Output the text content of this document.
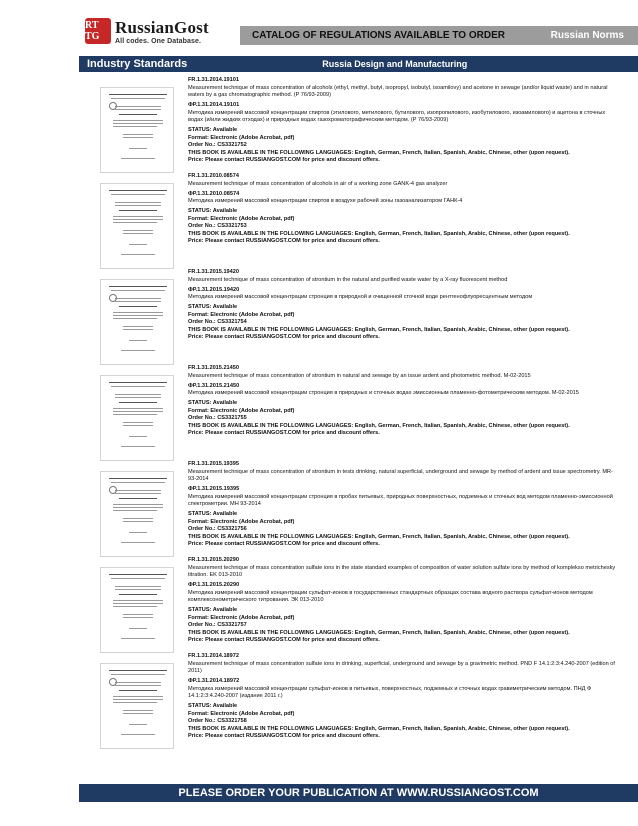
RT TG RussianGost
All codes. One Database.	CATALOG OF REGULATIONS AVAILABLE TO ORDER	Russian Norms
Industry Standards	Russia Design and Manufacturing
FR.1.31.2014.19101
Measurement technique of mass concentration of alcohols (ethyl, methyl, butyl, isopropyl, isobutyl, isoamilovy) and acetone in sewage (and/or liquid waste) and in natural waters by a gas chromatographic method. (P 76/93-2009)
ФР.1.31.2014.19101
Методика измерений массовой концентрации спиртов (этилового, метилового, бутилового, изопропилового, изобутилового, изоамилового) и ацетона в сточных водах (и/или жидких отходах) и природных водах газохроматографическим методом. (Р 76/93-2009)
STATUS: Available
Format: Electronic (Adobe Acrobat, pdf)
Order No.: CS3321752
THIS BOOK IS AVAILABLE IN THE FOLLOWING LANGUAGES: English, German, French, Italian, Spanish, Arabic, Chinese, other (upon request).
Price: Please contact RUSSIANGOST.COM for price and discount offers.
FR.1.31.2010.08574
Measurement technique of mass concentration of alcohols in air of a working zone GANK-4 gas analyzer
ФР.1.31.2010.08574
Методика измерений массовой концентрации спиртов в воздухе рабочей зоны газоанализатором ГАНК-4
STATUS: Available
Format: Electronic (Adobe Acrobat, pdf)
Order No.: CS3321753
THIS BOOK IS AVAILABLE IN THE FOLLOWING LANGUAGES: English, German, French, Italian, Spanish, Arabic, Chinese, other (upon request).
Price: Please contact RUSSIANGOST.COM for price and discount offers.
FR.1.31.2015.19420
Measurement technique of mass concentration of strontium in the natural and purified waste water by a X-ray fluorescent method
ФР.1.31.2015.19420
Методика измерений массовой концентрации стронция в природной и очищенной сточной воде рентгенофлуоресцентным методом
STATUS: Available
Format: Electronic (Adobe Acrobat, pdf)
Order No.: CS3321754
THIS BOOK IS AVAILABLE IN THE FOLLOWING LANGUAGES: English, German, French, Italian, Spanish, Arabic, Chinese, other (upon request).
Price: Please contact RUSSIANGOST.COM for price and discount offers.
FR.1.31.2015.21450
Measurement technique of mass concentration of strontium in natural and sewage by an issue ardent and photometric method. M-02-2015
ФР.1.31.2015.21450
Методика измерений массовой концентрации стронция в природных и сточных водах эмиссионным пламенно-фотометрическим методом. М-02-2015
STATUS: Available
Format: Electronic (Adobe Acrobat, pdf)
Order No.: CS3321755
THIS BOOK IS AVAILABLE IN THE FOLLOWING LANGUAGES: English, German, French, Italian, Spanish, Arabic, Chinese, other (upon request).
Price: Please contact RUSSIANGOST.COM for price and discount offers.
FR.1.31.2015.19395
Measurement technique of mass concentration of strontium in tests drinking, natural superficial, underground and sewage by method of ardent and issue spectrometry. MR-93-2014
ФР.1.31.2015.19395
Методика измерений массовой концентрации стронция в пробах питьевых, природных поверхностных, подземных и сточных вод методом пламенно-эмиссионной спектрометрии. МН 93-2014
STATUS: Available
Format: Electronic (Adobe Acrobat, pdf)
Order No.: CS3321756
THIS BOOK IS AVAILABLE IN THE FOLLOWING LANGUAGES: English, German, French, Italian, Spanish, Arabic, Chinese, other (upon request).
Price: Please contact RUSSIANGOST.COM for price and discount offers.
FR.1.31.2015.20290
Measurement technique of mass concentration sulfate ions in the state standard examples of composition of water solution sulfate ions by method of komplekso metrichesky titration. EK 013-2010
ФР.1.31.2015.20290
Методика измерений массовой концентрации сульфат-ионов в государственных стандартных образцах состава водного раствора сульфат-ионов методом комплексонометрического титрования. ЭК 013-2010
STATUS: Available
Format: Electronic (Adobe Acrobat, pdf)
Order No.: CS3321757
THIS BOOK IS AVAILABLE IN THE FOLLOWING LANGUAGES: English, German, French, Italian, Spanish, Arabic, Chinese, other (upon request).
Price: Please contact RUSSIANGOST.COM for price and discount offers.
FR.1.31.2014.18972
Measurement technique of mass concentration sulfate ions in drinking, superficial, underground and sewage by a gravimetric method. PND F 14.1:2:3:4.240-2007 (edition of 2011)
ФР.1.31.2014.18972
Методика измерений массовой концентрации сульфат-ионов в питьевых, поверхностных, подземных и сточных водах гравиметрическим методом. ПНД Ф 14.1:2:3:4.240-2007 (издание 2011 г.)
STATUS: Available
Format: Electronic (Adobe Acrobat, pdf)
Order No.: CS3321758
THIS BOOK IS AVAILABLE IN THE FOLLOWING LANGUAGES: English, German, French, Italian, Spanish, Arabic, Chinese, other (upon request).
Price: Please contact RUSSIANGOST.COM for price and discount offers.
PLEASE ORDER YOUR PUBLICATION AT WWW.RUSSIANGOST.COM
